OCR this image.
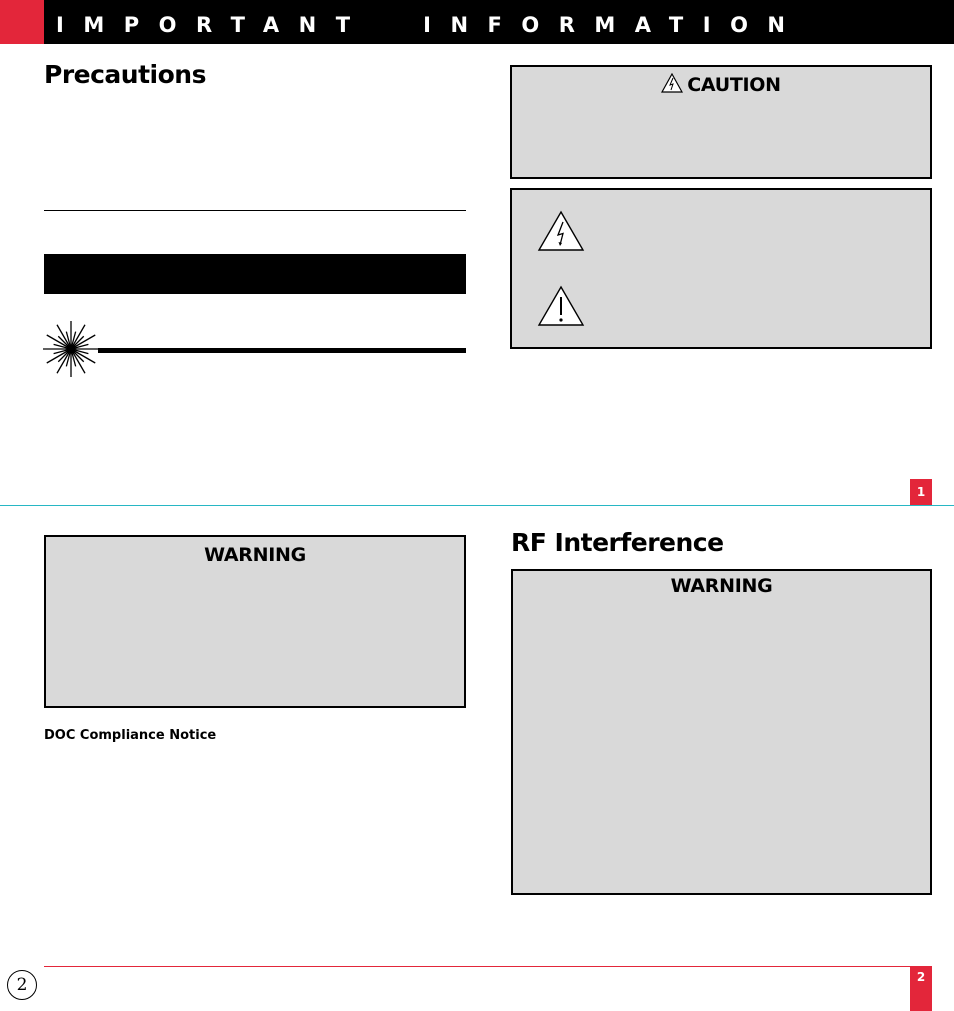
IMPORTANT  INFORMATION
Precautions	CAUTION
1
WARNING
DOC Compliance Notice
RF Interference
WARNING
2
2
